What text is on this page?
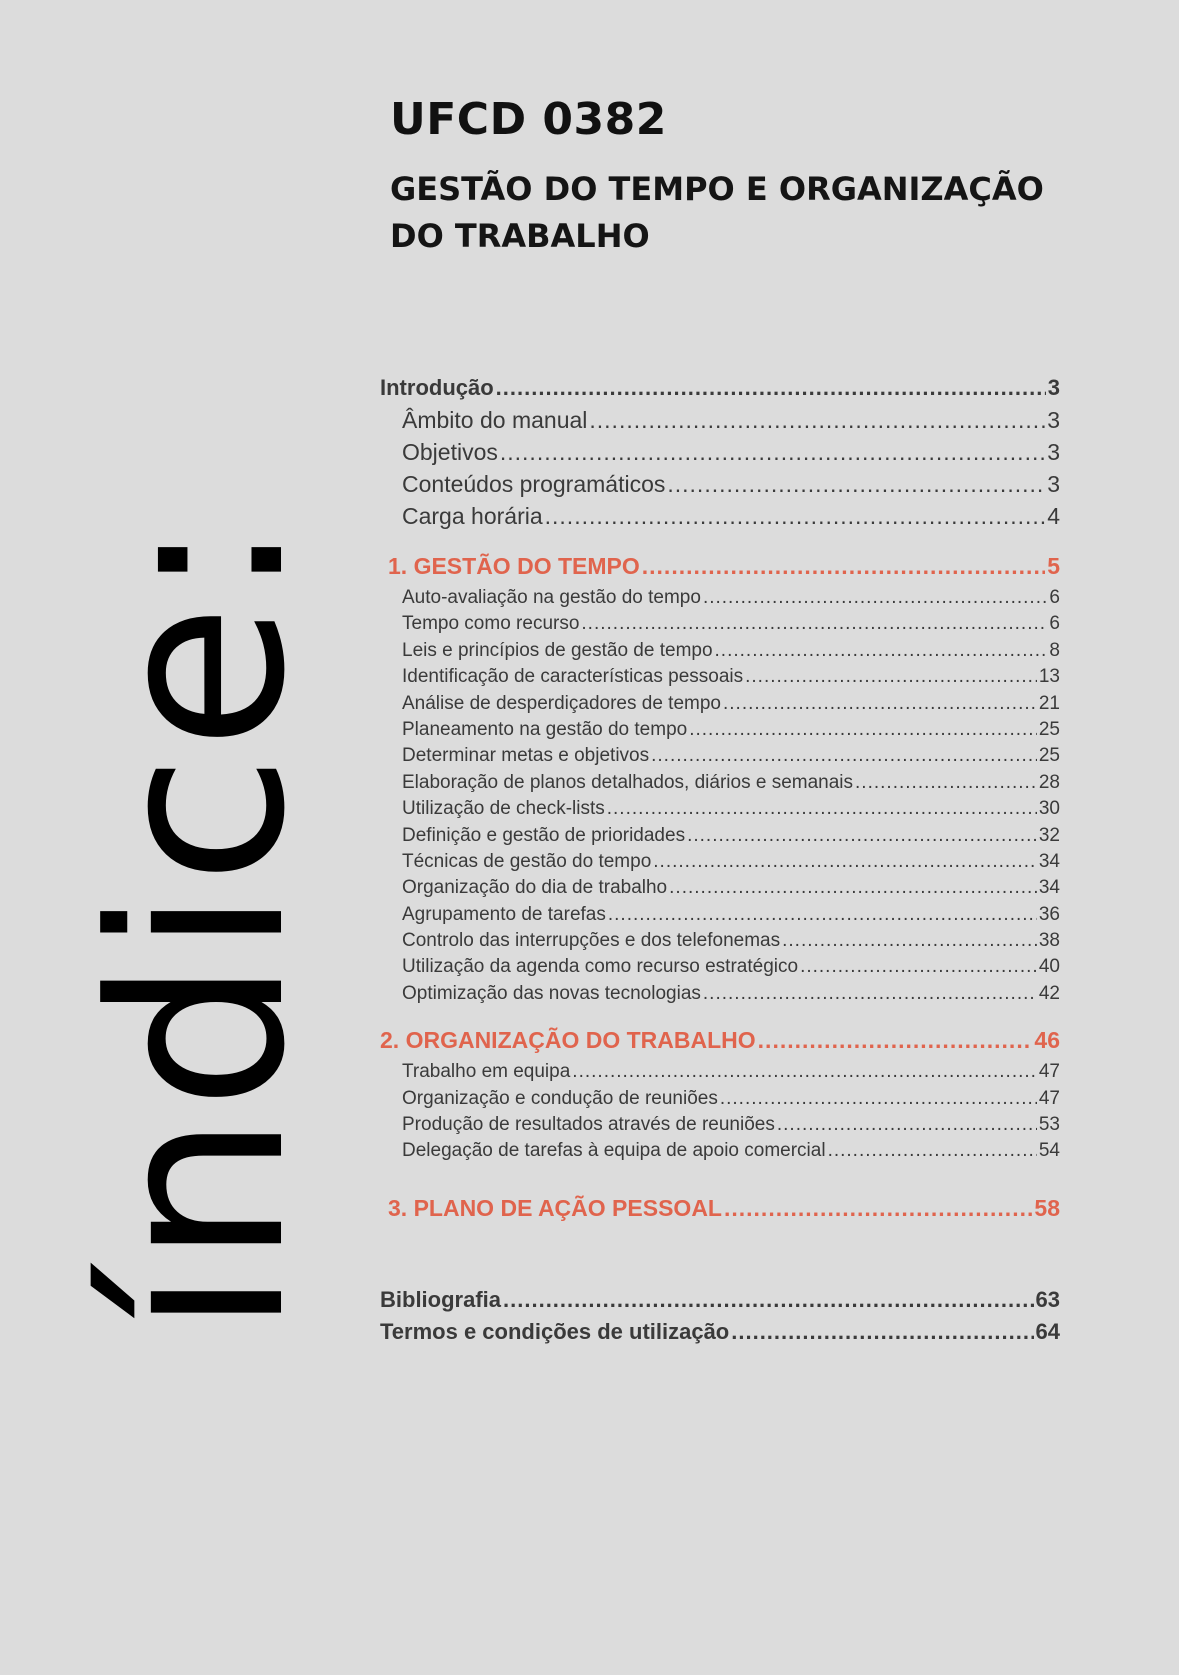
UFCD 0382
GESTÃO DO TEMPO E ORGANIZAÇÃO
DO TRABALHO
índice:
Introdução .....	3
Âmbito do manual .....	3
Objetivos .....	3
Conteúdos programáticos .....	3
Carga horária .....	4
1. GESTÃO DO TEMPO .....	5
Auto-avaliação na gestão do tempo .....	6
Tempo como recurso .....	6
Leis e princípios de gestão de tempo .....	8
Identificação de características pessoais .....	13
Análise de desperdiçadores de tempo .....	21
Planeamento na gestão do tempo .....	25
Determinar metas e objetivos .....	25
Elaboração de planos detalhados, diários e semanais .....	28
Utilização de check-lists .....	30
Definição e gestão de prioridades .....	32
Técnicas de gestão do tempo .....	34
Organização do dia de trabalho .....	34
Agrupamento de tarefas .....	36
Controlo das interrupções e dos telefonemas .....	38
Utilização da agenda como recurso estratégico .....	40
Optimização das novas tecnologias .....	42
2. ORGANIZAÇÃO DO TRABALHO .....	46
Trabalho em equipa .....	47
Organização e condução de reuniões .....	47
Produção de resultados através de reuniões .....	53
Delegação de tarefas à equipa de apoio comercial .....	54
3. PLANO DE AÇÃO PESSOAL .....	58
Bibliografia .....	63
Termos e condições de utilização .....	64
